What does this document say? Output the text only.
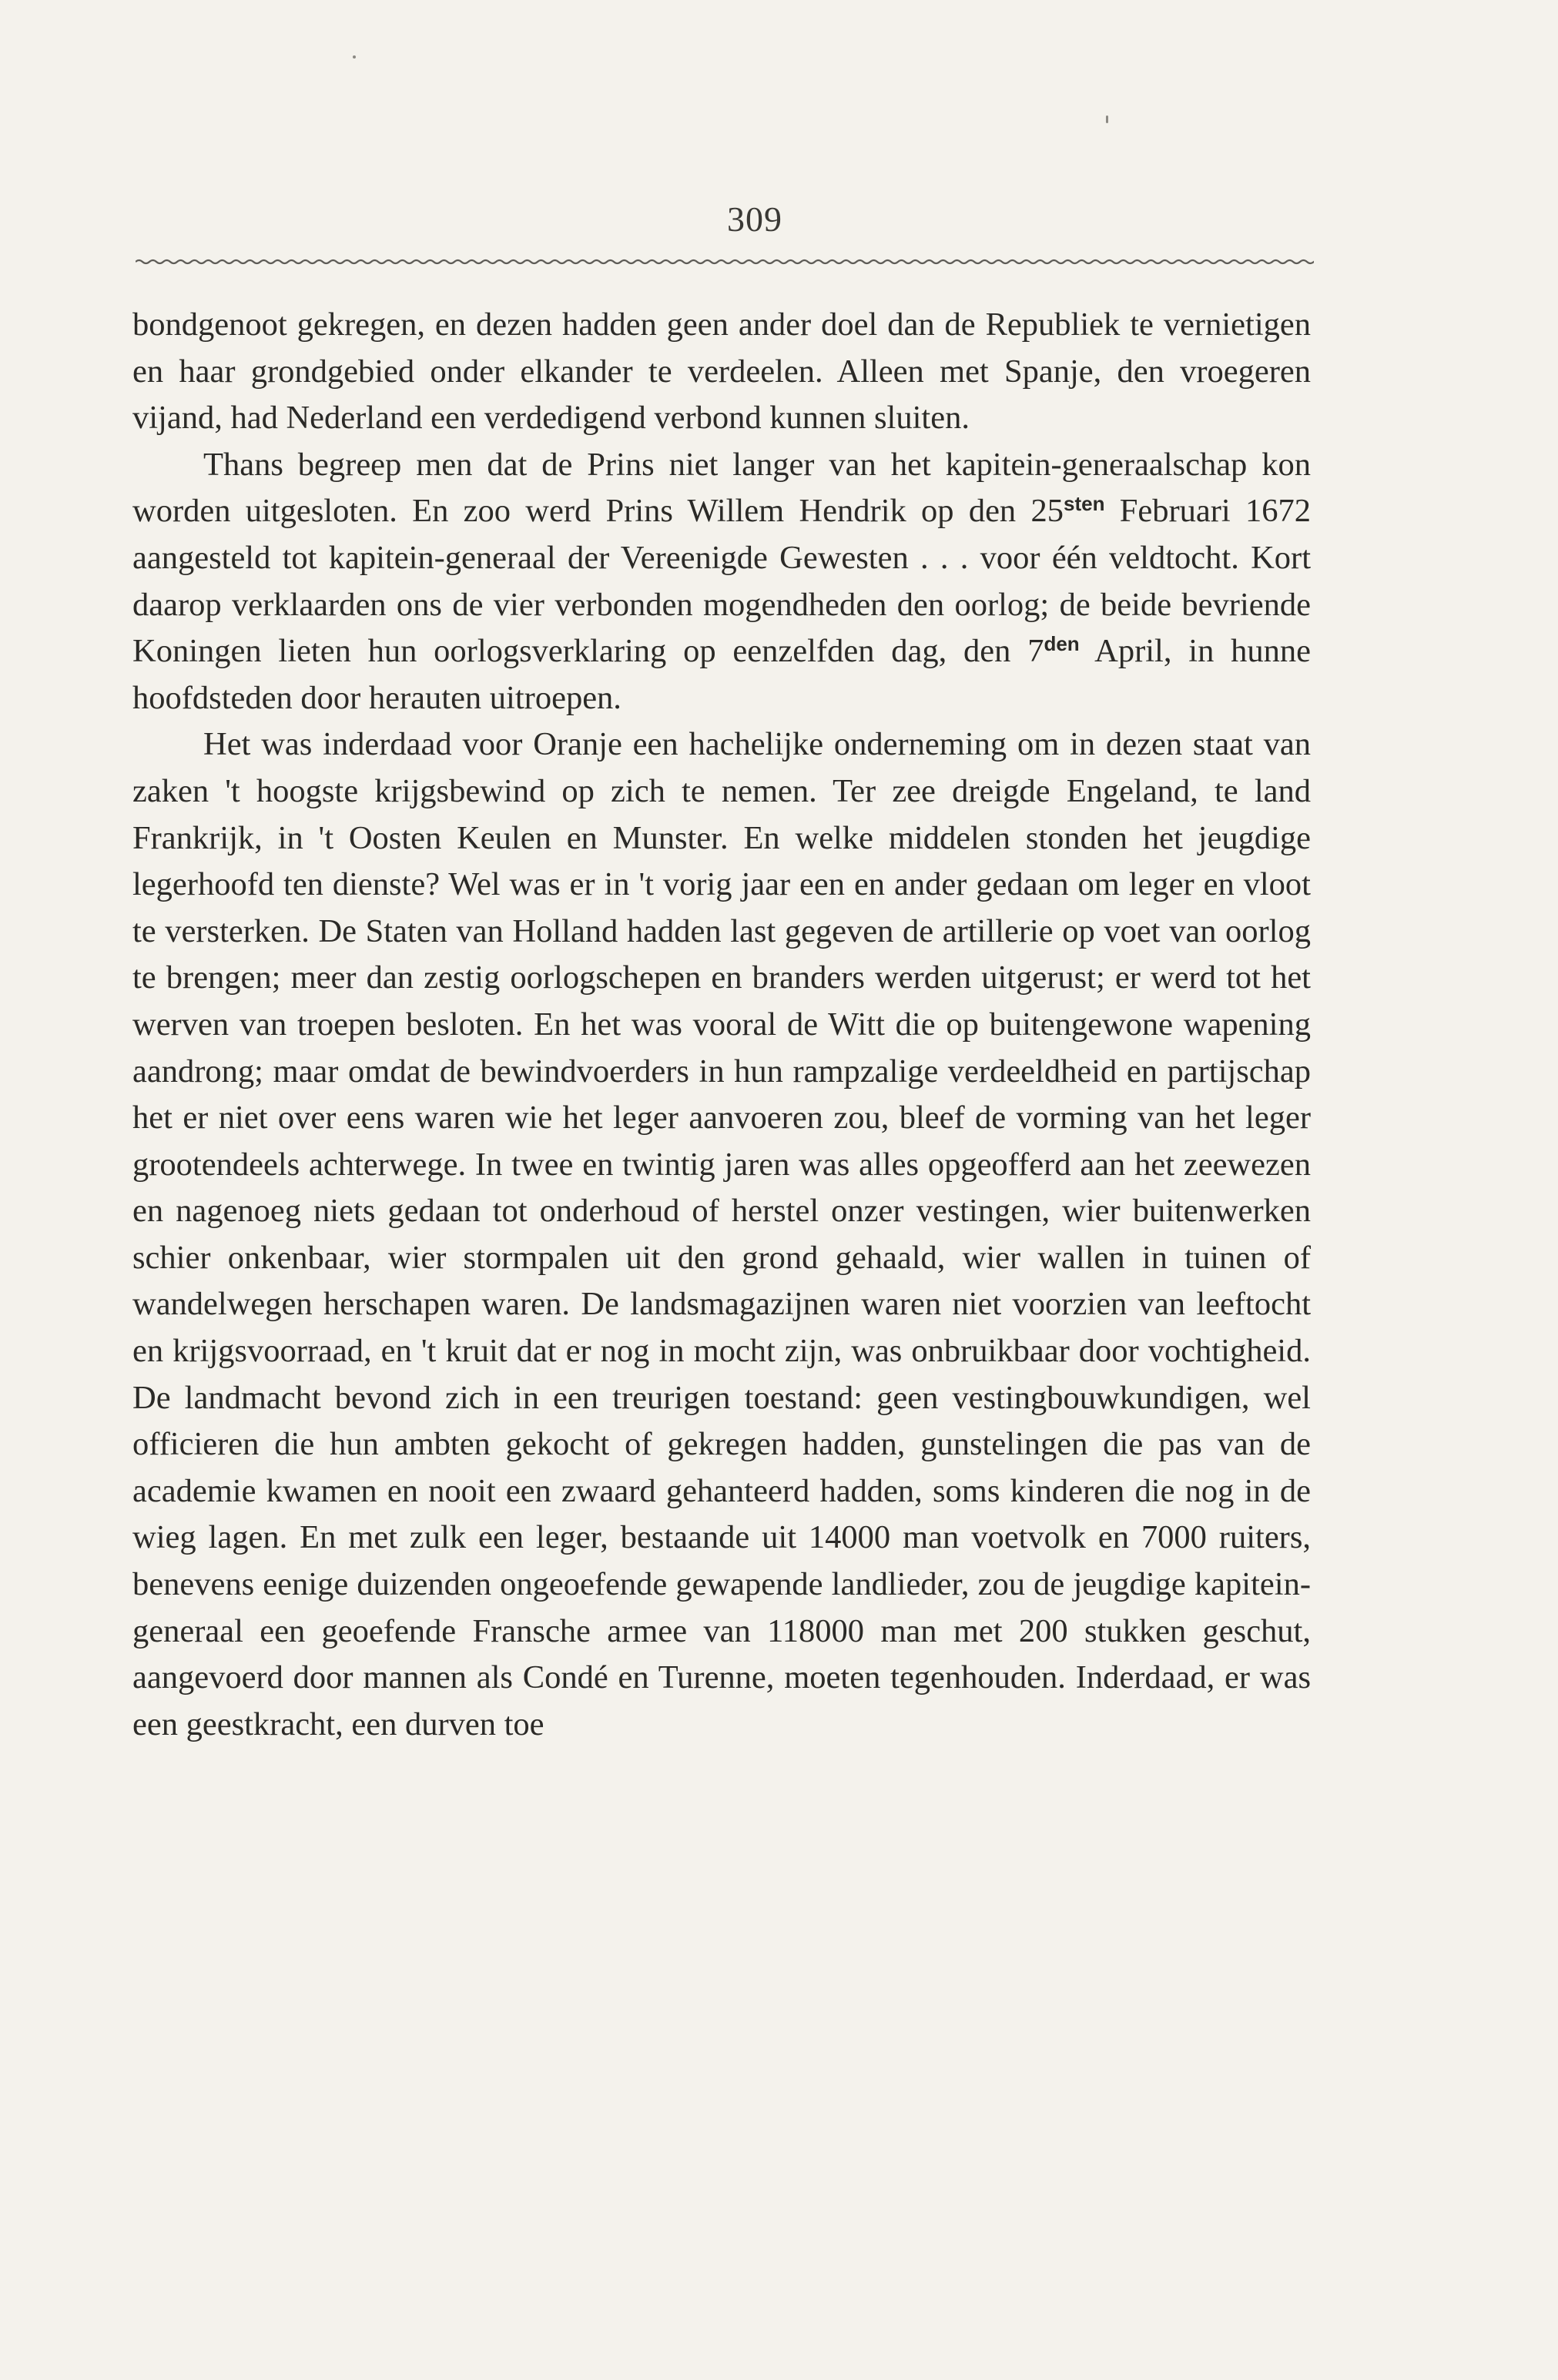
309

bondgenoot gekregen, en dezen hadden geen ander doel dan de Republiek te vernietigen en haar grondgebied onder elkander te verdeelen. Alleen met Spanje, den vroegeren vijand, had Nederland een verdedigend verbond kunnen sluiten.

Thans begreep men dat de Prins niet langer van het kapitein-generaalschap kon worden uitgesloten. En zoo werd Prins Willem Hendrik op den $25^{sten}$ Februari 1672 aangesteld tot kapitein-generaal der Vereenigde Gewesten . . . voor één veldtocht. Kort daarop verklaarden ons de vier verbonden mogendheden den oorlog; de beide bevriende Koningen lieten hun oorlogsverklaring op eenzelfden dag, den $7^{den}$ April, in hunne hoofdsteden door herauten uitroepen.

Het was inderdaad voor Oranje een hachelijke onderneming om in dezen staat van zaken 't hoogste krijgsbewind op zich te nemen. Ter zee dreigde Engeland, te land Frankrijk, in 't Oosten Keulen en Munster. En welke middelen stonden het jeugdige legerhoofd ten dienste? Wel was er in 't vorig jaar een en ander gedaan om leger en vloot te versterken. De Staten van Holland hadden last gegeven de artillerie op voet van oorlog te brengen; meer dan zestig oorlogschepen en branders werden uitgerust; er werd tot het werven van troepen besloten. En het was vooral de Witt die op buitengewone wapening aandrong; maar omdat de bewindvoerders in hun rampzalige verdeeldheid en partijschap het er niet over eens waren wie het leger aanvoeren zou, bleef de vorming van het leger grootendeels achterwege. In twee en twintig jaren was alles opgeofferd aan het zeewezen en nagenoeg niets gedaan tot onderhoud of herstel onzer vestingen, wier buitenwerken schier onkenbaar, wier stormpalen uit den grond gehaald, wier wallen in tuinen of wandelwegen herschapen waren. De landsmagazijnen waren niet voorzien van leeftocht en krijgsvoorraad, en 't kruit dat er nog in mocht zijn, was onbruikbaar door vochtigheid. De landmacht bevond zich in een treurigen toestand: geen vestingbouwkundigen, wel officieren die hun ambten gekocht of gekregen hadden, gunstelingen die pas van de academie kwamen en nooit een zwaard gehanteerd hadden, soms kinderen die nog in de wieg lagen. En met zulk een leger, bestaande uit 14000 man voetvolk en 7000 ruiters, benevens eenige duizenden ongeoefende gewapende landlieder, zou de jeugdige kapitein-generaal een geoefende Fransche armee van 118000 man met 200 stukken geschut, aangevoerd door mannen als Condé en Turenne, moeten tegenhouden. Inderdaad, er was een geestkracht, een durven toe
